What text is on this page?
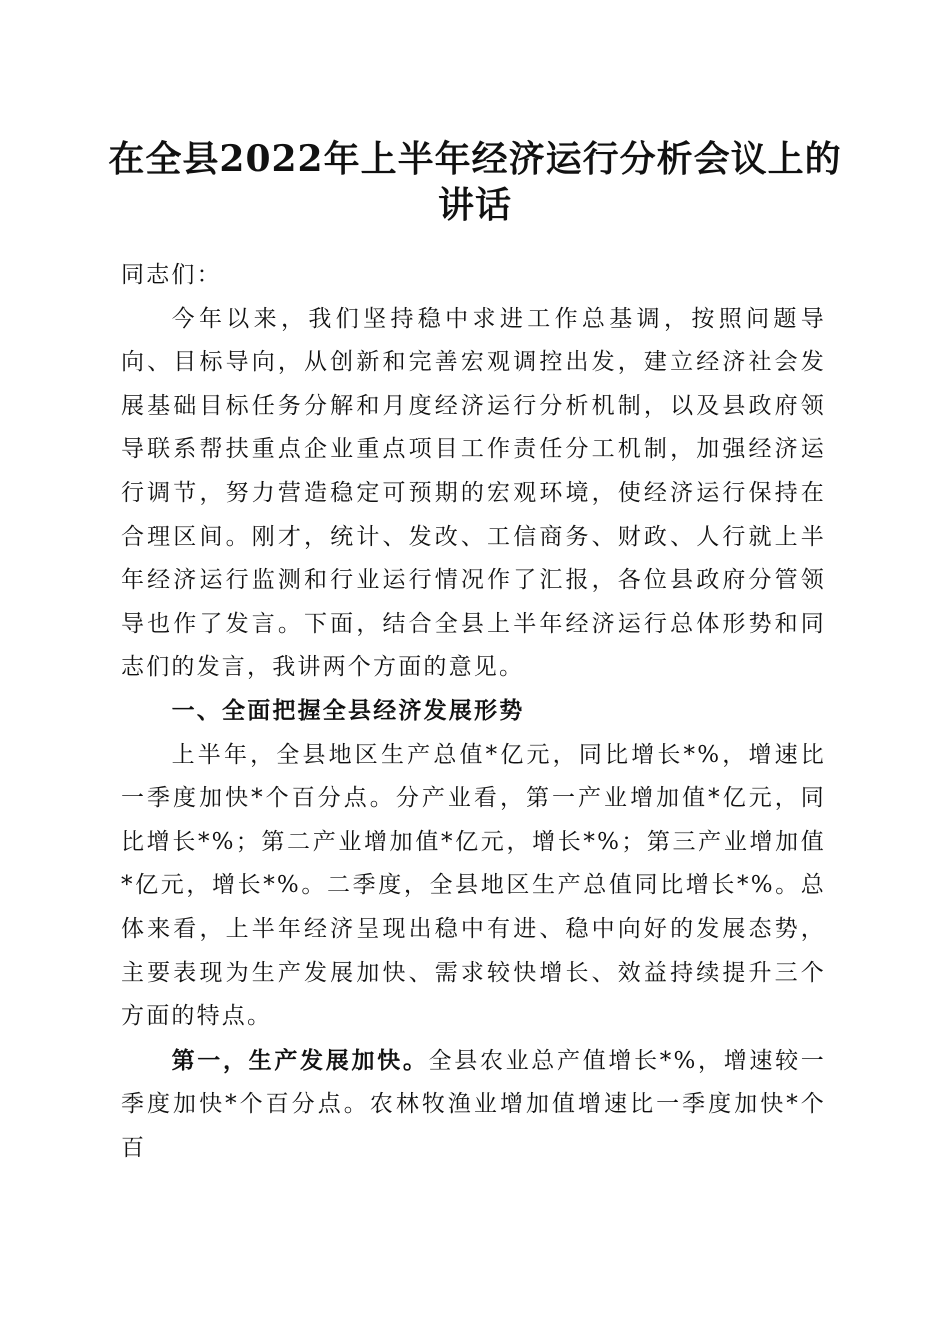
在全县2022年上半年经济运行分析会议上的讲话

同志们：

今年以来，我们坚持稳中求进工作总基调，按照问题导向、目标导向，从创新和完善宏观调控出发，建立经济社会发展基础目标任务分解和月度经济运行分析机制，以及县政府领导联系帮扶重点企业重点项目工作责任分工机制，加强经济运行调节，努力营造稳定可预期的宏观环境，使经济运行保持在合理区间。刚才，统计、发改、工信商务、财政、人行就上半年经济运行监测和行业运行情况作了汇报，各位县政府分管领导也作了发言。下面，结合全县上半年经济运行总体形势和同志们的发言，我讲两个方面的意见。

一、全面把握全县经济发展形势

上半年，全县地区生产总值*亿元，同比增长*%，增速比一季度加快*个百分点。分产业看，第一产业增加值*亿元，同比增长*%；第二产业增加值*亿元，增长*%；第三产业增加值*亿元，增长*%。二季度，全县地区生产总值同比增长*%。总体来看，上半年经济呈现出稳中有进、稳中向好的发展态势，主要表现为生产发展加快、需求较快增长、效益持续提升三个方面的特点。

第一，生产发展加快。全县农业总产值增长*%，增速较一季度加快*个百分点。农林牧渔业增加值增速比一季度加快*个百
